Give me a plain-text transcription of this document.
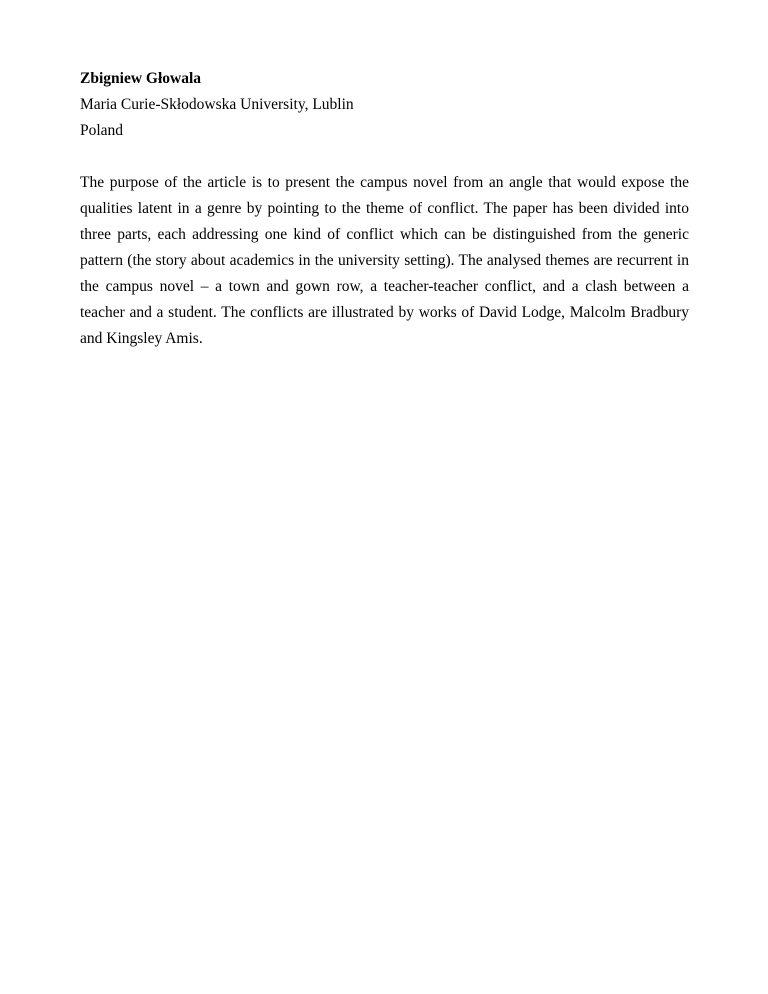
Zbigniew Głowala

Maria Curie-Skłodowska University, Lublin

Poland

The purpose of the article is to present the campus novel from an angle that would expose the qualities latent in a genre by pointing to the theme of conflict. The paper has been divided into three parts, each addressing one kind of conflict which can be distinguished from the generic pattern (the story about academics in the university setting). The analysed themes are recurrent in the campus novel – a town and gown row, a teacher-teacher conflict, and a clash between a teacher and a student. The conflicts are illustrated by works of David Lodge, Malcolm Bradbury and Kingsley Amis.
